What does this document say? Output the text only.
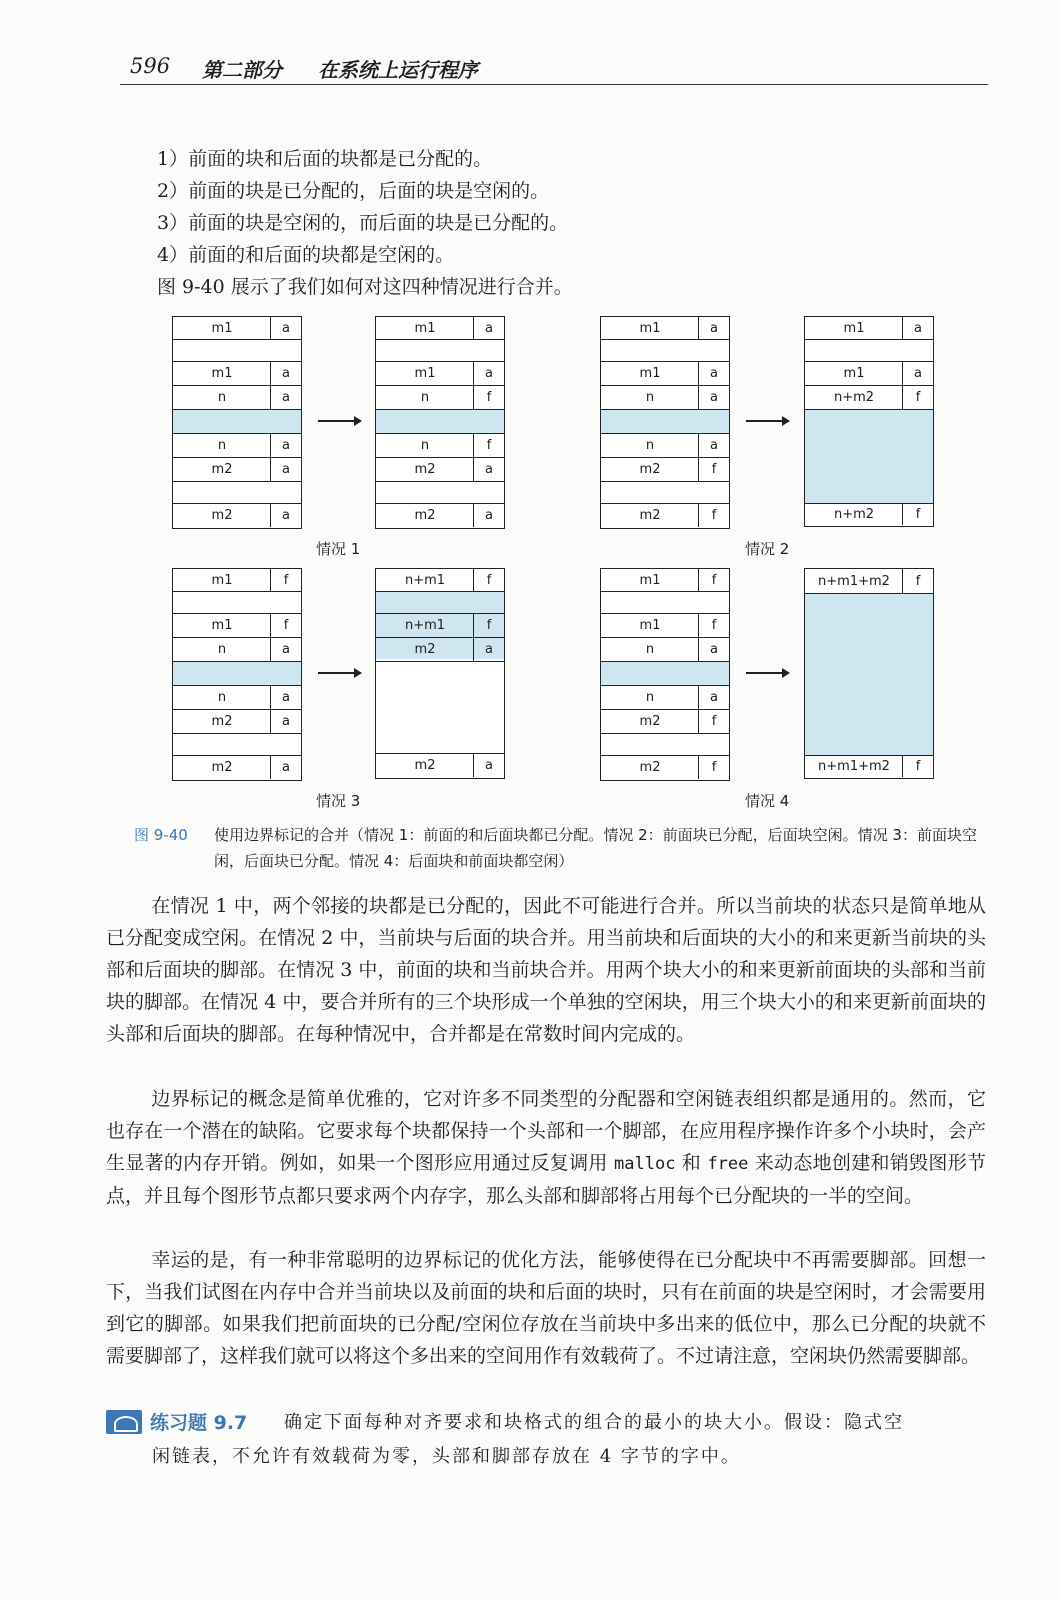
596 第二部分 在系统上运行程序
1）前面的块和后面的块都是已分配的。
2）前面的块是已分配的，后面的块是空闲的。
3）前面的块是空闲的，而后面的块是已分配的。
4）前面的和后面的块都是空闲的。
图 9-40 展示了我们如何对这四种情况进行合并。
m1	a
m1	a
n	a
n	a
m2	a
m2	a
m1	a
m1	a
n	f
n	f
m2	a
m2	a
情况 1
m1	a
m1	a
n	a
n	a
m2	f
m2	f
m1	a
m1	a
n+m2	f
n+m2	f
情况 2
m1	f
m1	f
n	a
n	a
m2	a
m2	a
n+m1	f
n+m1	f
m2	a
m2	a
情况 3
m1	f
m1	f
n	a
n	a
m2	f
m2	f
n+m1+m2	f
n+m1+m2	f
情况 4
图 9-40 使用边界标记的合并（情况 1：前面的和后面块都已分配。情况 2：前面块已分配，后面块空闲。情况 3：前面块空闲，后面块已分配。情况 4：后面块和前面块都空闲）
在情况 1 中，两个邻接的块都是已分配的，因此不可能进行合并。所以当前块的状态只是简单地从已分配变成空闲。在情况 2 中，当前块与后面的块合并。用当前块和后面块的大小的和来更新当前块的头部和后面块的脚部。在情况 3 中，前面的块和当前块合并。用两个块大小的和来更新前面块的头部和当前块的脚部。在情况 4 中，要合并所有的三个块形成一个单独的空闲块，用三个块大小的和来更新前面块的头部和后面块的脚部。在每种情况中，合并都是在常数时间内完成的。
边界标记的概念是简单优雅的，它对许多不同类型的分配器和空闲链表组织都是通用的。然而，它也存在一个潜在的缺陷。它要求每个块都保持一个头部和一个脚部，在应用程序操作许多个小块时，会产生显著的内存开销。例如，如果一个图形应用通过反复调用 malloc 和 free 来动态地创建和销毁图形节点，并且每个图形节点都只要求两个内存字，那么头部和脚部将占用每个已分配块的一半的空间。
幸运的是，有一种非常聪明的边界标记的优化方法，能够使得在已分配块中不再需要脚部。回想一下，当我们试图在内存中合并当前块以及前面的块和后面的块时，只有在前面的块是空闲时，才会需要用到它的脚部。如果我们把前面块的已分配/空闲位存放在当前块中多出来的低位中，那么已分配的块就不需要脚部了，这样我们就可以将这个多出来的空间用作有效载荷了。不过请注意，空闲块仍然需要脚部。
练习题 9.7 确定下面每种对齐要求和块格式的组合的最小的块大小。假设：隐式空
闲链表，不允许有效载荷为零，头部和脚部存放在 4 字节的字中。
